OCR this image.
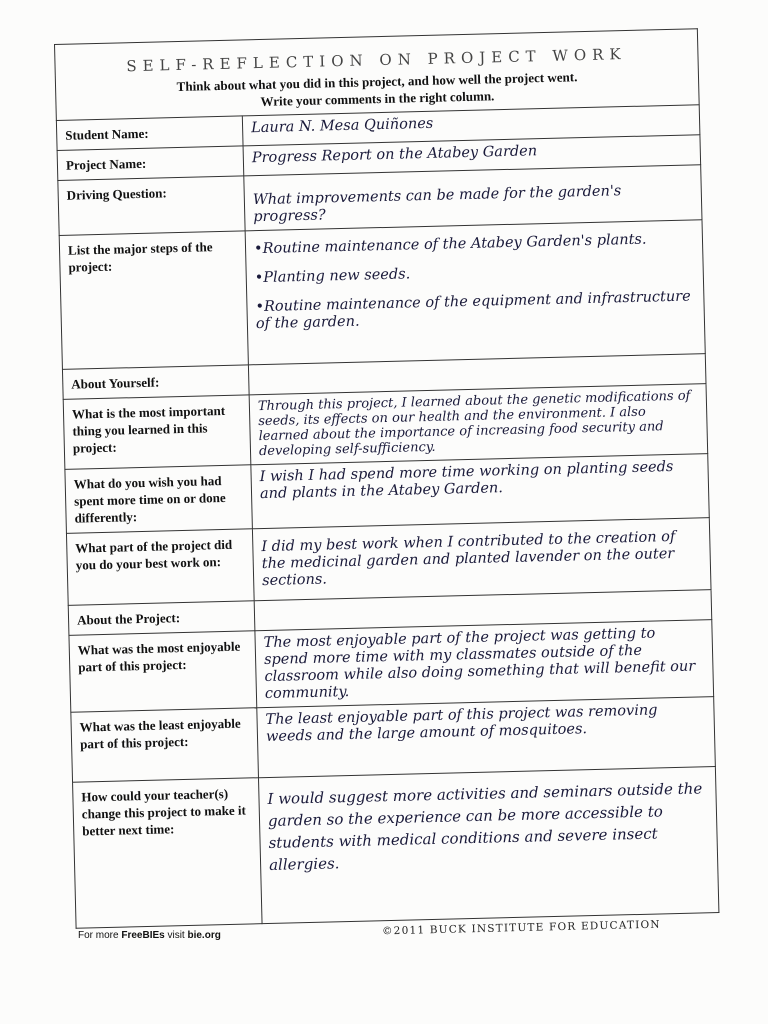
SELF-REFLECTION ON PROJECT WORK
Think about what you did in this project, and how well the project went.
Write your comments in the right column.
Student Name:	Laura N. Mesa Quiñones
Project Name:	Progress Report on the Atabey Garden
Driving Question:	What improvements can be made for the garden's progress?
List the major steps of the project:	•Routine maintenance of the Atabey Garden's plants.

•Planting new seeds.

•Routine maintenance of the equipment and infrastructure of the garden.

About Yourself:	
What is the most important thing you learned in this project:	Through this project, I learned about the genetic modifications of seeds, its effects on our health and the environment. I also learned about the importance of increasing food security and developing self-sufficiency.
What do you wish you had spent more time on or done differently:	I wish I had spend more time working on planting seeds and plants in the Atabey Garden.
What part of the project did you do your best work on:	I did my best work when I contributed to the creation of the medicinal garden and planted lavender on the outer sections.
About the Project:	
What was the most enjoyable part of this project:	The most enjoyable part of the project was getting to spend more time with my classmates outside of the classroom while also doing something that will benefit our community.
What was the least enjoyable part of this project:	The least enjoyable part of this project was removing weeds and the large amount of mosquitoes.
How could your teacher(s) change this project to make it better next time:	I would suggest more activities and seminars outside the garden so the experience can be more accessible to students with medical conditions and severe insect allergies.
For more FreeBIEs visit bie.org	©2011 BUCK INSTITUTE FOR EDUCATION
